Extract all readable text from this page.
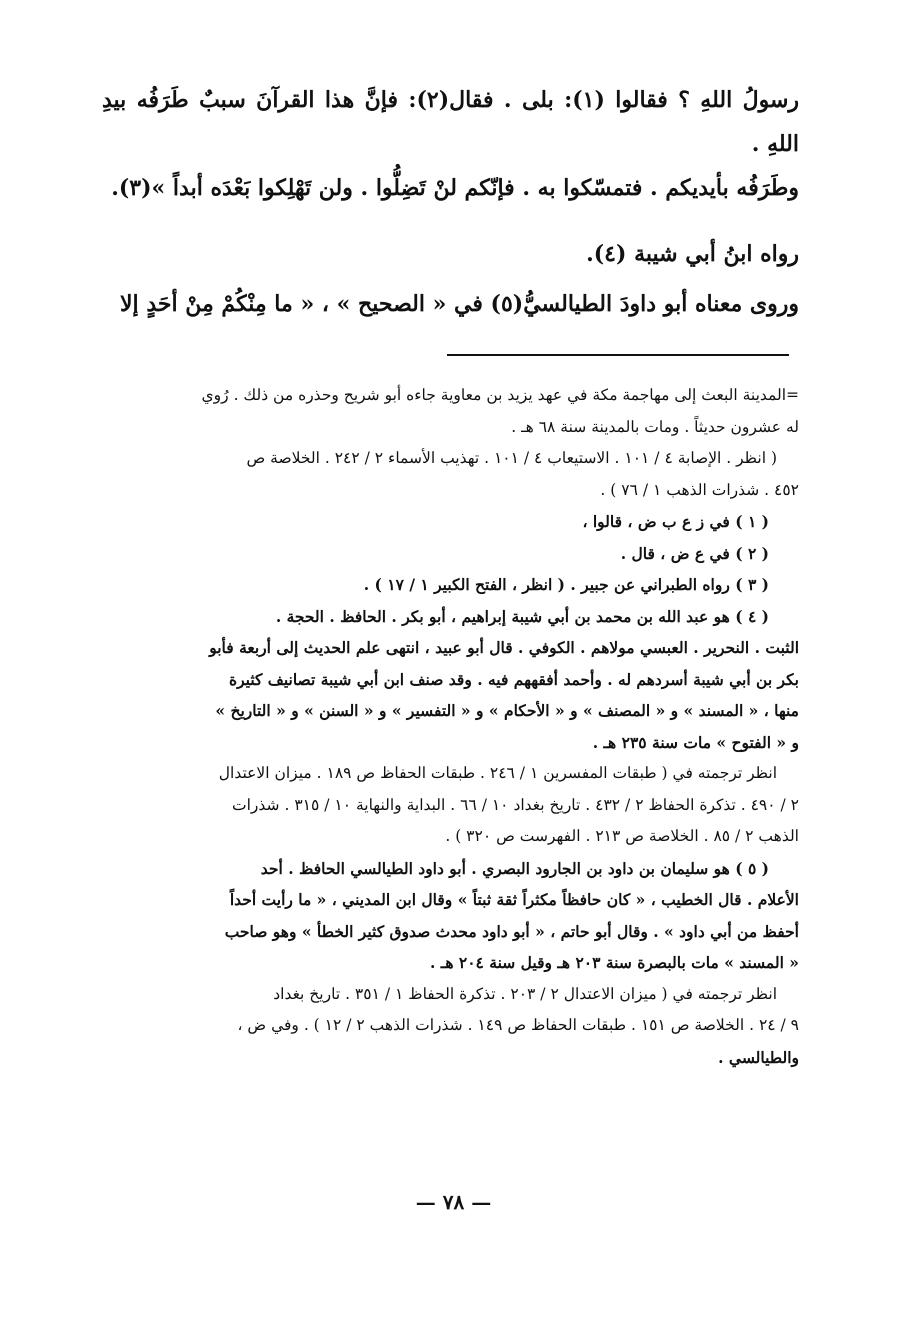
رسولُ اللهِ ؟ فقالوا (١): بلى . فقال(٢): فإنَّ هذا القرآنَ سببٌ طَرَفُه بيدِ اللهِ .

وطَرَفُه بأيديكم . فتمسّكوا به . فإنّكم لنْ تَضِلُّوا . ولن تَهْلِكوا بَعْدَه أبداً »(٣).

رواه ابنُ أبي شيبة (٤).

وروى معناه أبو داودَ الطيالسيُّ(٥) في « الصحيح » ، « ما مِنْكُمْ مِنْ أحَدٍ إلا

=المدينة البعث إلى مهاجمة مكة في عهد يزيد بن معاوية جاءه أبو شريح وحذره من ذلك . رُوي

له عشرون حديثاً . ومات بالمدينة سنة ٦٨ هـ .

( انظر . الإصابة ٤ / ١٠١ . الاستيعاب ٤ / ١٠١ . تهذيب الأسماء ٢ / ٢٤٢ . الخلاصة ص

٤٥٢ . شذرات الذهب ١ / ٧٦ ) .

( ١ ) في ز ع ب ض ، قالوا ،

( ٢ ) في ع ض ، قال .

( ٣ ) رواه الطبراني عن جبير . ( انظر ، الفتح الكبير ١ / ١٧ ) .

( ٤ ) هو عبد الله بن محمد بن أبي شيبة إبراهيم ، أبو بكر . الحافظ . الحجة .

الثبت . النحرير . العبسي مولاهم . الكوفي . قال أبو عبيد ، انتهى علم الحديث إلى أربعة فأبو

بكر بن أبي شيبة أسردهم له . وأحمد أفقههم فيه . وقد صنف ابن أبي شيبة تصانيف كثيرة

منها ، « المسند » و « المصنف » و « الأحكام » و « التفسير » و « السنن » و « التاريخ »

و « الفتوح » مات سنة ٢٣٥ هـ .

انظر ترجمته في ( طبقات المفسرين ١ / ٢٤٦ . طبقات الحفاظ ص ١٨٩ . ميزان الاعتدال

٢ / ٤٩٠ . تذكرة الحفاظ ٢ / ٤٣٢ . تاريخ بغداد ١٠ / ٦٦ . البداية والنهاية ١٠ / ٣١٥ . شذرات

الذهب ٢ / ٨٥ . الخلاصة ص ٢١٣ . الفهرست ص ٣٢٠ ) .

( ٥ ) هو سليمان بن داود بن الجارود البصري . أبو داود الطيالسي الحافظ . أحد

الأعلام . قال الخطيب ، « كان حافظاً مكثراً ثقة ثبتاً » وقال ابن المديني ، « ما رأيت أحداً

أحفظ من أبي داود » . وقال أبو حاتم ، « أبو داود محدث صدوق كثير الخطأ » وهو صاحب

« المسند » مات بالبصرة سنة ٢٠٣ هـ وقيل سنة ٢٠٤ هـ .

انظر ترجمته في ( ميزان الاعتدال ٢ / ٢٠٣ . تذكرة الحفاظ ١ / ٣٥١ . تاريخ بغداد

٩ / ٢٤ . الخلاصة ص ١٥١ . طبقات الحفاظ ص ١٤٩ . شذرات الذهب ٢ / ١٢ ) . وفي ض ،

والطيالسي .

— ٧٨ —
